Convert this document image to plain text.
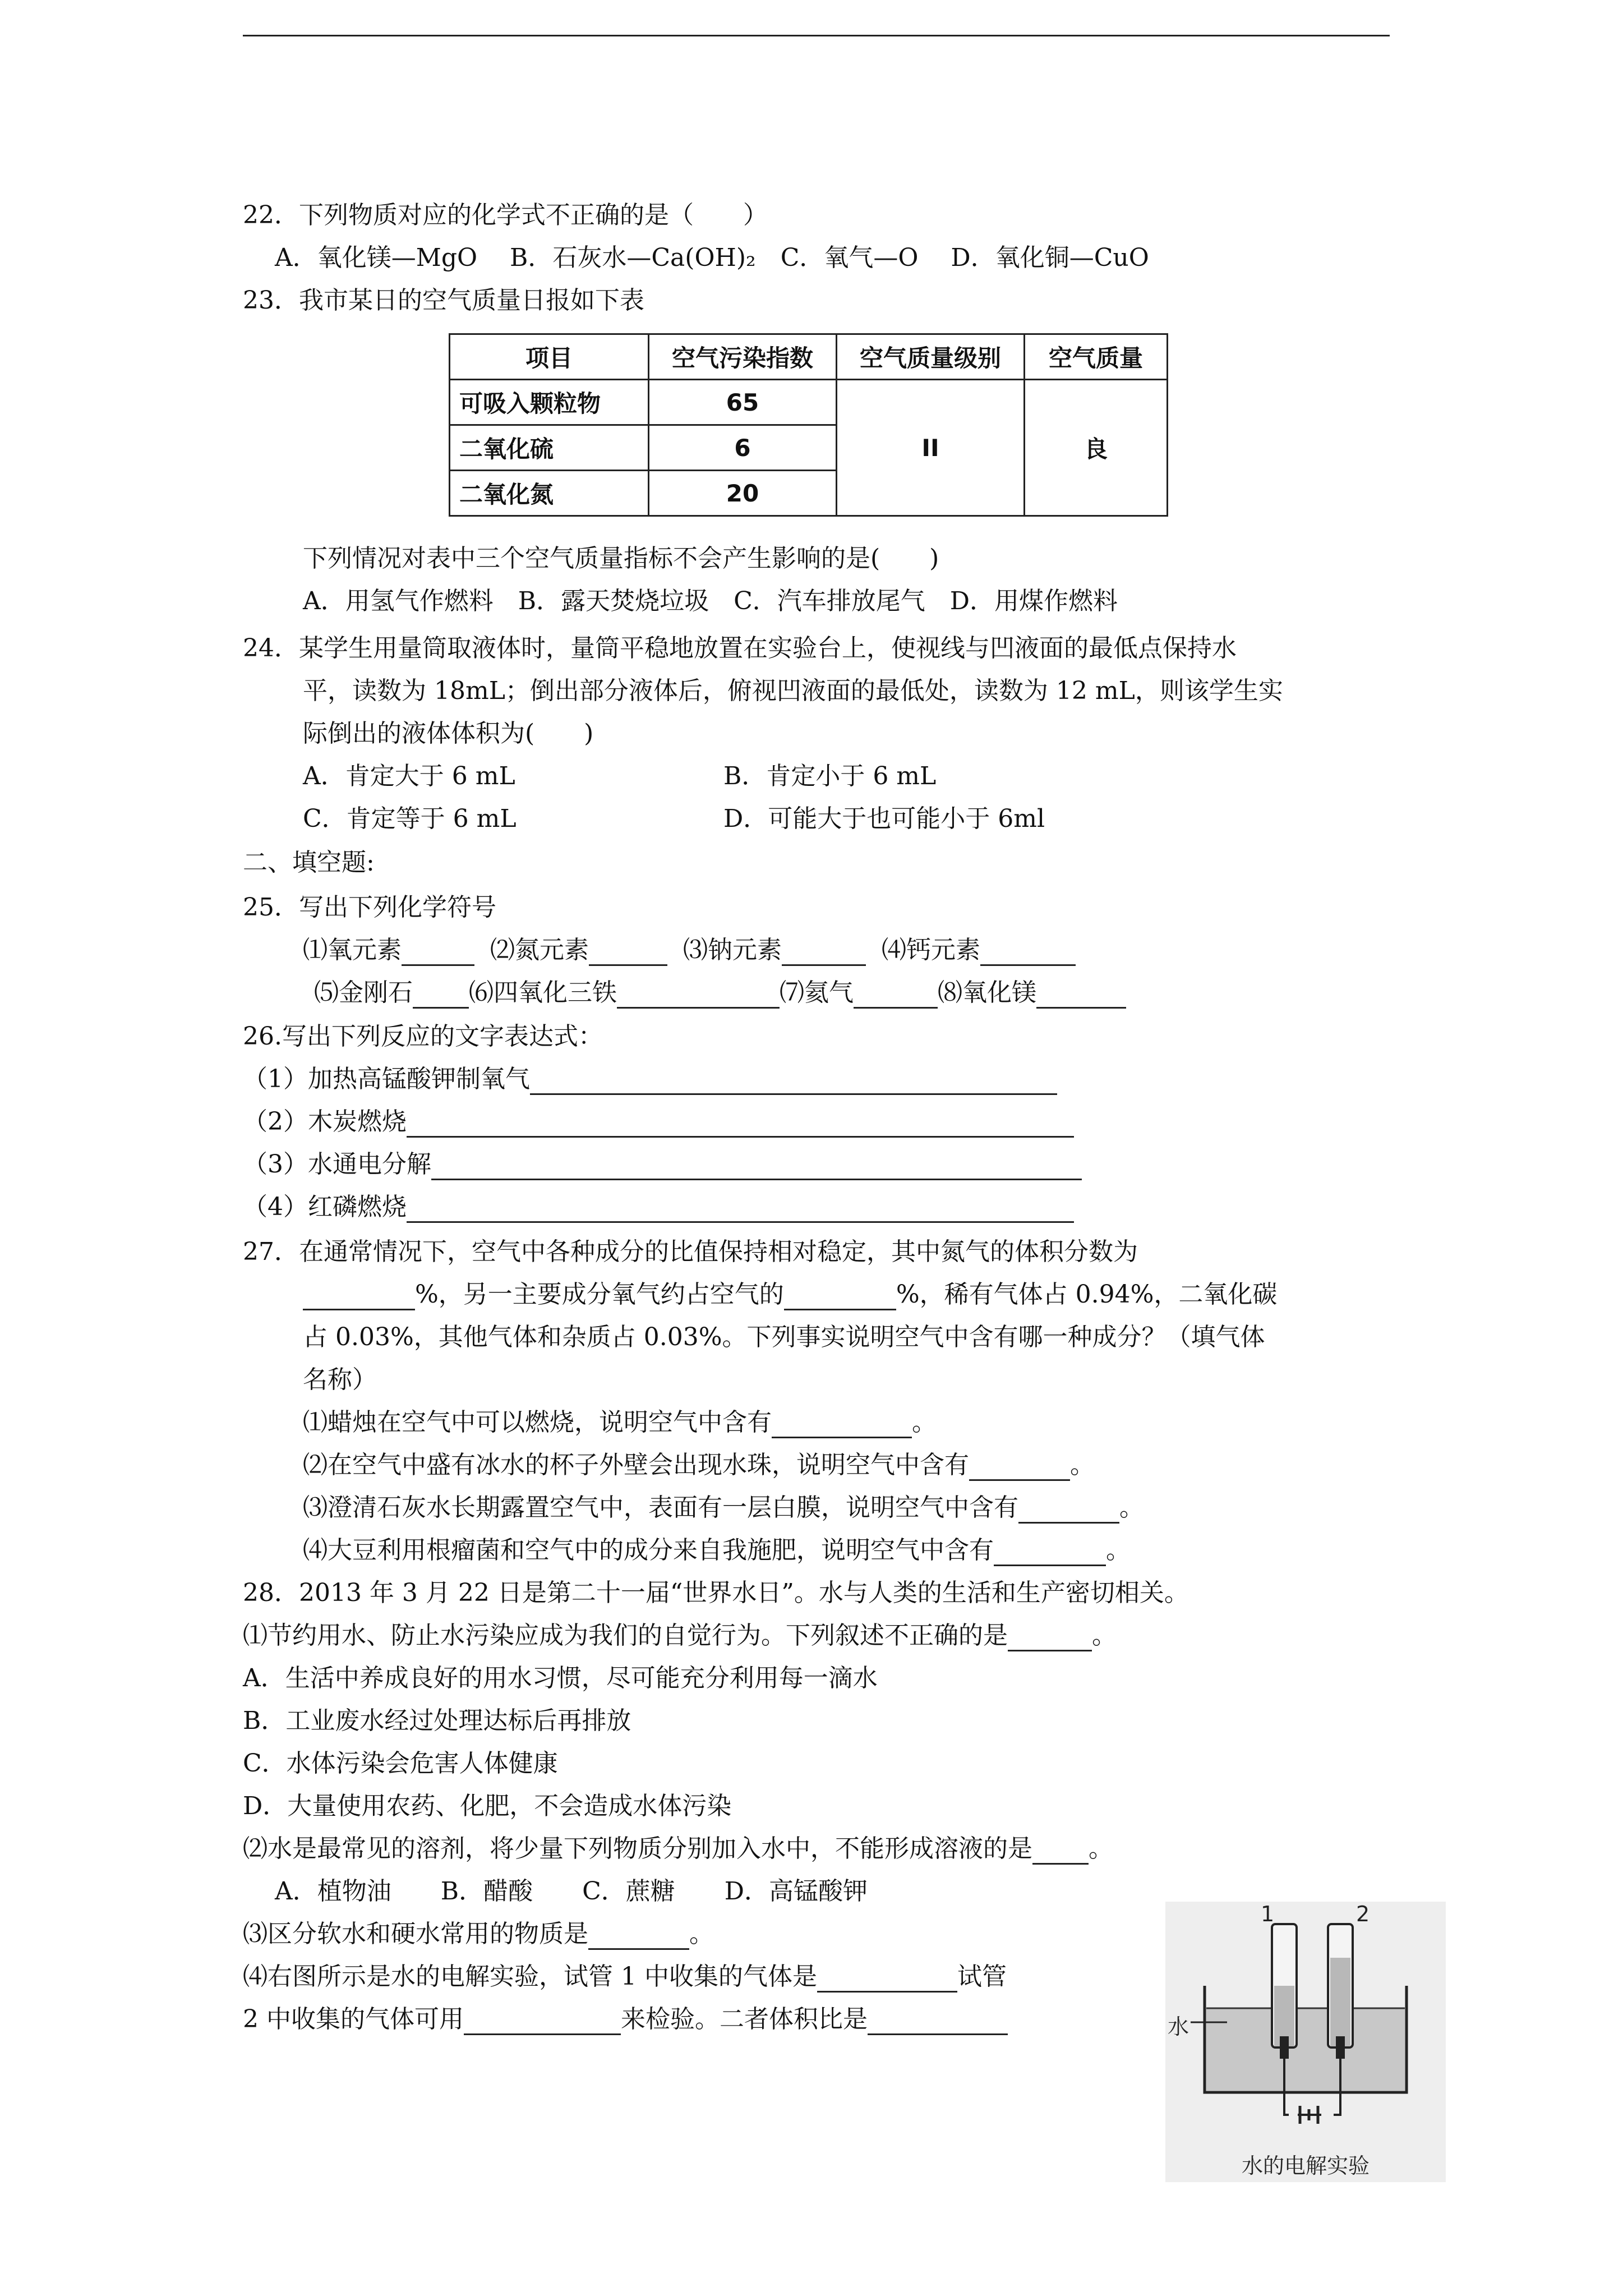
22．下列物质对应的化学式不正确的是（　　）
A．氧化镁—MgO　 B．石灰水—Ca(OH)₂　C．氧气—O　 D．氧化铜—CuO
23．我市某日的空气质量日报如下表
项目	空气污染指数	空气质量级别	空气质量
可吸入颗粒物	65	II	良
二氧化硫	6		
二氧化氮	20		
下列情况对表中三个空气质量指标不会产生影响的是(　　)
A．用氢气作燃料　B．露天焚烧垃圾　C．汽车排放尾气　D．用煤作燃料
24．某学生用量筒取液体时，量筒平稳地放置在实验台上，使视线与凹液面的最低点保持水
平，读数为 18mL；倒出部分液体后，俯视凹液面的最低处，读数为 12 mL，则该学生实
际倒出的液体体积为(　　)
A．肯定大于 6 mL	B．肯定小于 6 mL
C．肯定等于 6 mL	D．可能大于也可能小于 6ml
二、填空题:
25．写出下列化学符号
⑴氧元素	⑵氮元素	⑶钠元素	⑷钙元素
⑸金刚石 ⑹四氧化三铁	⑺氦气	⑻氧化镁
26.写出下列反应的文字表达式：
（1）加热高锰酸钾制氧气
（2）木炭燃烧
（3）水通电分解
（4）红磷燃烧
27．在通常情况下，空气中各种成分的比值保持相对稳定，其中氮气的体积分数为
%，另一主要成分氧气约占空气的	%，稀有气体占 0.94%，二氧化碳
占 0.03%，其他气体和杂质占 0.03%。下列事实说明空气中含有哪一种成分？（填气体
名称）
⑴蜡烛在空气中可以燃烧，说明空气中含有	。
⑵在空气中盛有冰水的杯子外壁会出现水珠，说明空气中含有	。
⑶澄清石灰水长期露置空气中，表面有一层白膜，说明空气中含有	。
⑷大豆利用根瘤菌和空气中的成分来自我施肥，说明空气中含有	。
28．2013 年 3 月 22 日是第二十一届“世界水日”。水与人类的生活和生产密切相关。
⑴节约用水、防止水污染应成为我们的自觉行为。下列叙述不正确的是	。
A．生活中养成良好的用水习惯，尽可能充分利用每一滴水
B．工业废水经过处理达标后再排放
C．水体污染会危害人体健康
D．大量使用农药、化肥，不会造成水体污染
⑵水是最常见的溶剂，将少量下列物质分别加入水中，不能形成溶液的是 。
A．植物油　　B．醋酸　　C．蔗糖　　D．高锰酸钾
⑶区分软水和硬水常用的物质是	。
⑷右图所示是水的电解实验，试管 1 中收集的气体是	试管
2 中收集的气体可用	来检验。二者体积比是
1	2
水
水的电解实验
